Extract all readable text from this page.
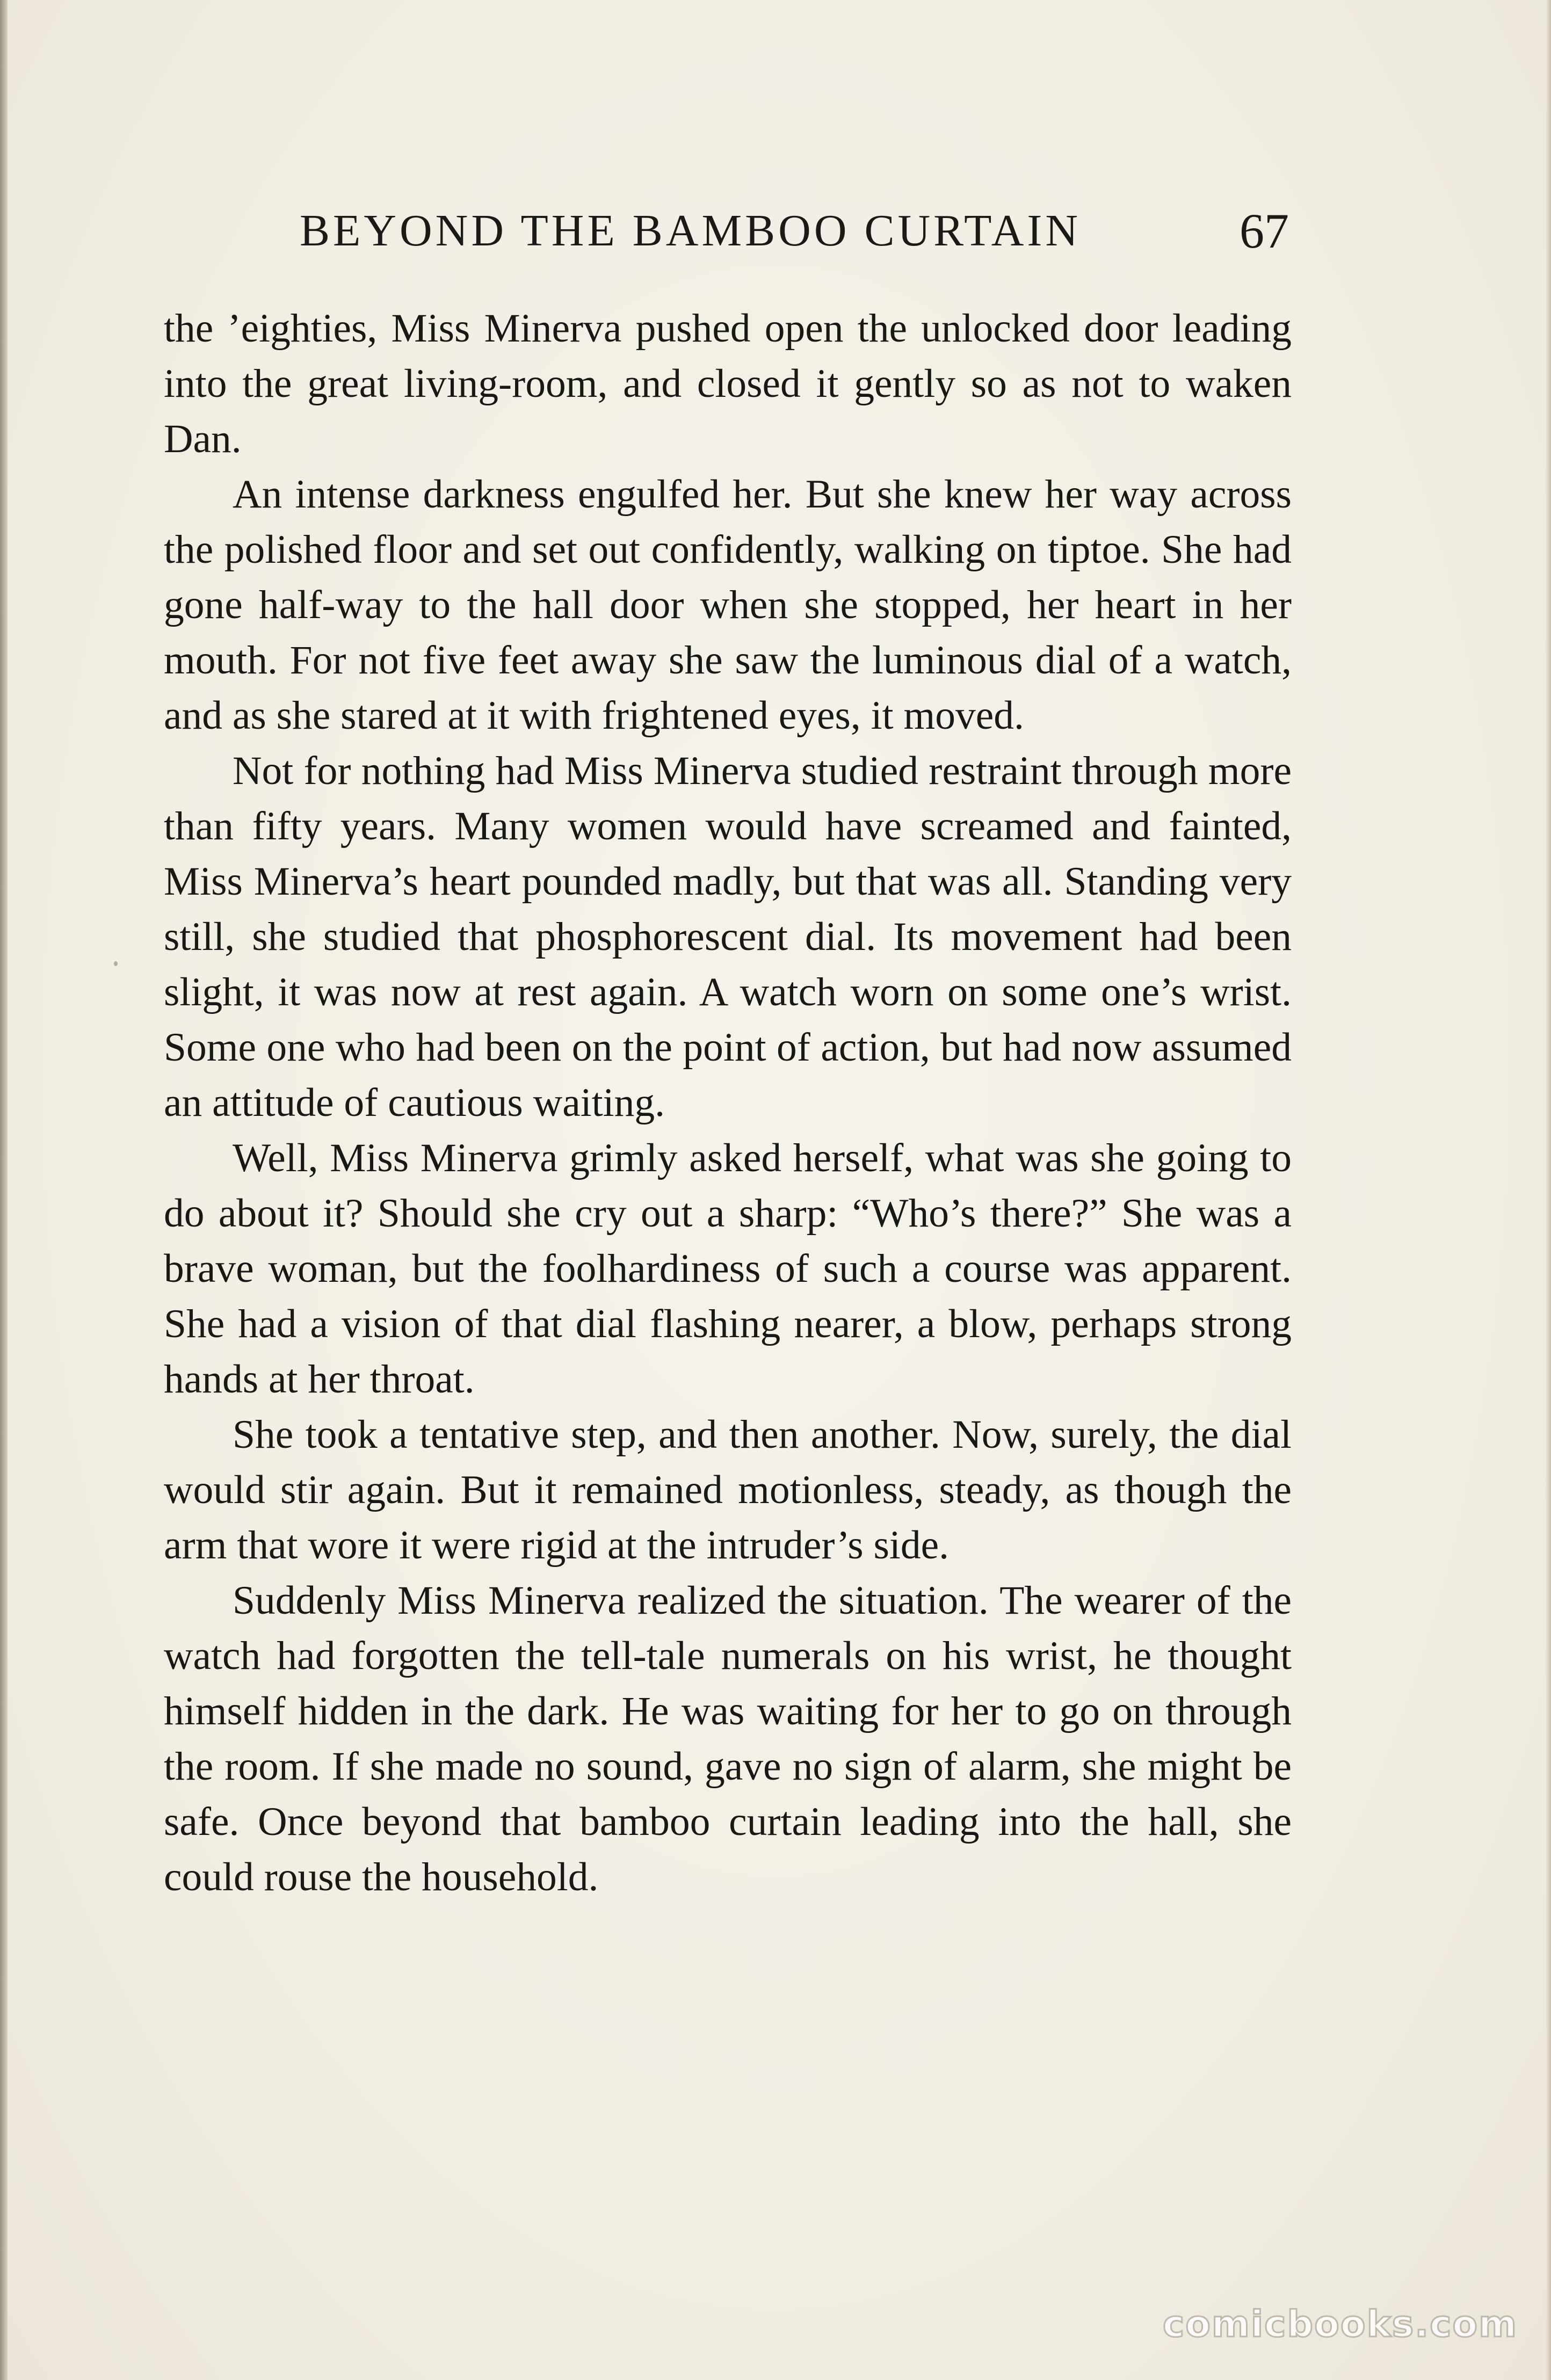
BEYOND THE BAMBOO CURTAIN	67

the ’eighties, Miss Minerva pushed open the unlocked door leading into the great living-room, and closed it gently so as not to waken Dan.

An intense darkness engulfed her. But she knew her way across the polished floor and set out confidently, walking on tiptoe. She had gone half-way to the hall door when she stopped, her heart in her mouth. For not five feet away she saw the luminous dial of a watch, and as she stared at it with frightened eyes, it moved.

Not for nothing had Miss Minerva studied restraint through more than fifty years. Many women would have screamed and fainted, Miss Minerva’s heart pounded madly, but that was all. Standing very still, she studied that phosphorescent dial. Its movement had been slight, it was now at rest again. A watch worn on some one’s wrist. Some one who had been on the point of action, but had now assumed an attitude of cautious waiting.

Well, Miss Minerva grimly asked herself, what was she going to do about it? Should she cry out a sharp: “Who’s there?” She was a brave woman, but the foolhardiness of such a course was apparent. She had a vision of that dial flashing nearer, a blow, perhaps strong hands at her throat.

She took a tentative step, and then another. Now, surely, the dial would stir again. But it remained motionless, steady, as though the arm that wore it were rigid at the intruder’s side.

Suddenly Miss Minerva realized the situation. The wearer of the watch had forgotten the tell-tale numerals on his wrist, he thought himself hidden in the dark. He was waiting for her to go on through the room. If she made no sound, gave no sign of alarm, she might be safe. Once beyond that bamboo curtain leading into the hall, she could rouse the household.

comicbooks.com
